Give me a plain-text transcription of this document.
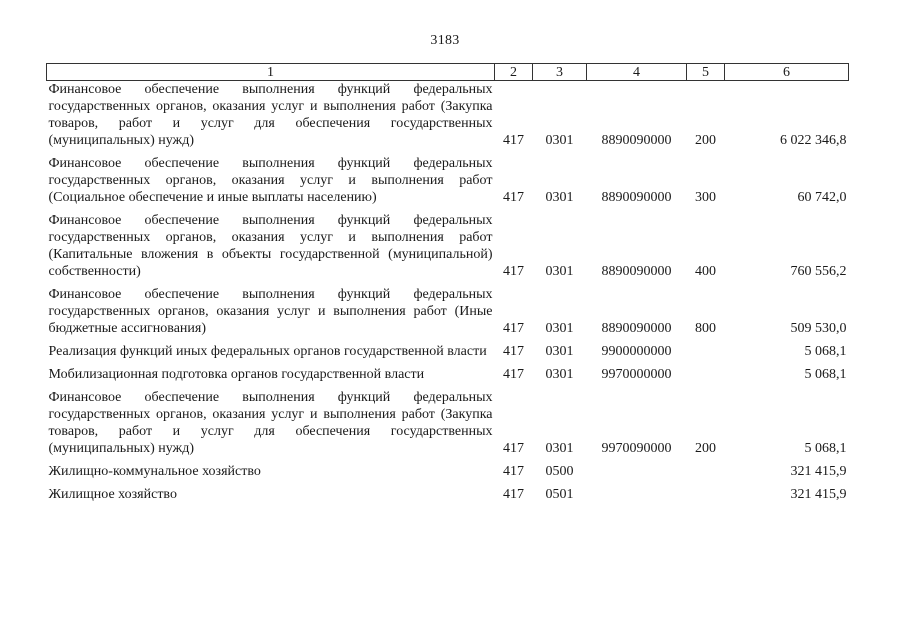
3183
1	2	3	4	5	6
Финансовое обеспечение выполнения функций федеральных государственных органов, оказания услуг и выполнения работ (Закупка товаров, работ и услуг для обеспечения государственных (муниципальных) нужд)	417	0301	8890090000	200	6 022 346,8

Финансовое обеспечение выполнения функций федеральных государственных органов, оказания услуг и выполнения работ (Социальное обеспечение и иные выплаты населению)	417	0301	8890090000	300	60 742,0

Финансовое обеспечение выполнения функций федеральных государственных органов, оказания услуг и выполнения работ (Капитальные вложения в объекты государственной (муниципальной) собственности)	417	0301	8890090000	400	760 556,2

Финансовое обеспечение выполнения функций федеральных государственных органов, оказания услуг и выполнения работ (Иные бюджетные ассигнования)	417	0301	8890090000	800	509 530,0

Реализация функций иных федеральных органов государственной власти	417	0301	9900000000		5 068,1

Мобилизационная подготовка органов государственной власти	417	0301	9970000000		5 068,1

Финансовое обеспечение выполнения функций федеральных государственных органов, оказания услуг и выполнения работ (Закупка товаров, работ и услуг для обеспечения государственных (муниципальных) нужд)	417	0301	9970090000	200	5 068,1

Жилищно-коммунальное хозяйство	417	0500			321 415,9

Жилищное хозяйство	417	0501			321 415,9
